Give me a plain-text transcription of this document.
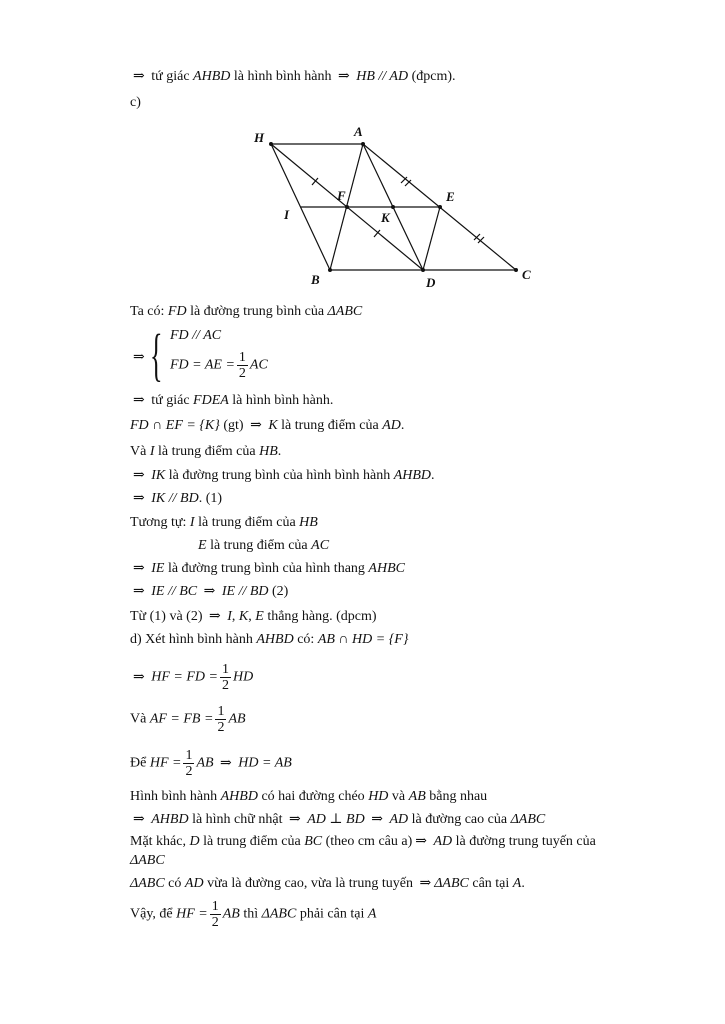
⇒ tứ giác AHBD là hình bình hành ⇒ HB // AD (đpcm).
c)
H	A
F	E
I	K
B	D
C
Ta có: FD là đường trung bình của ΔABC
⇒ { FD // AC
FD = AE = $\frac{1}{2}$ AC
⇒ tứ giác FDEA là hình bình hành.
FD ∩ EF = {K} (gt) ⇒ K là trung điểm của AD.
Và I là trung điểm của HB.
⇒ IK là đường trung bình của hình bình hành AHBD.
⇒ IK // BD. (1)
Tương tự: I là trung điểm của HB
E là trung điểm của AC
⇒ IE là đường trung bình của hình thang AHBC
⇒ IE // BC ⇒ IE // BD (2)
Từ (1) và (2) ⇒ I, K, E thẳng hàng. (dpcm)
d) Xét hình bình hành AHBD có: AB ∩ HD = {F}
⇒ HF = FD = $\frac{1}{2}$ HD
Và AF = FB = $\frac{1}{2}$ AB
Để HF = $\frac{1}{2}$ AB ⇒ HD = AB
Hình bình hành AHBD có hai đường chéo HD và AB bằng nhau
⇒ AHBD là hình chữ nhật ⇒ AD ⊥ BD ⇒ AD là đường cao của ΔABC
Mặt khác, D là trung điểm của BC (theo cm câu a) ⇒ AD là đường trung tuyến của
ΔABC
ΔABC có AD vừa là đường cao, vừa là trung tuyến ⇒ ΔABC cân tại A.
Vậy, để HF = $\frac{1}{2}$ AB thì ΔABC phải cân tại A
